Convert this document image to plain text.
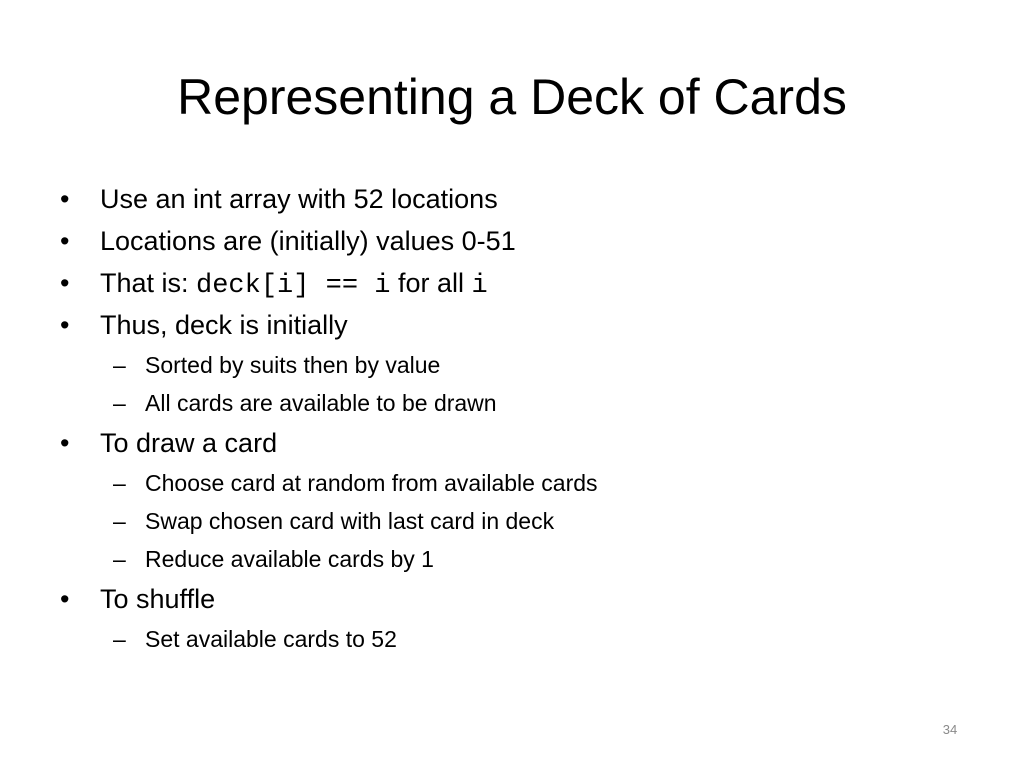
Representing a Deck of Cards
•	Use an int array with 52 locations
•	Locations are (initially) values 0-51
•	That is: deck[i] == i for all i
•	Thus, deck is initially
– Sorted by suits then by value
– All cards are available to be drawn
•	To draw a card
– Choose card at random from available cards
– Swap chosen card with last card in deck
– Reduce available cards by 1
•	To shuffle
– Set available cards to 52
34
